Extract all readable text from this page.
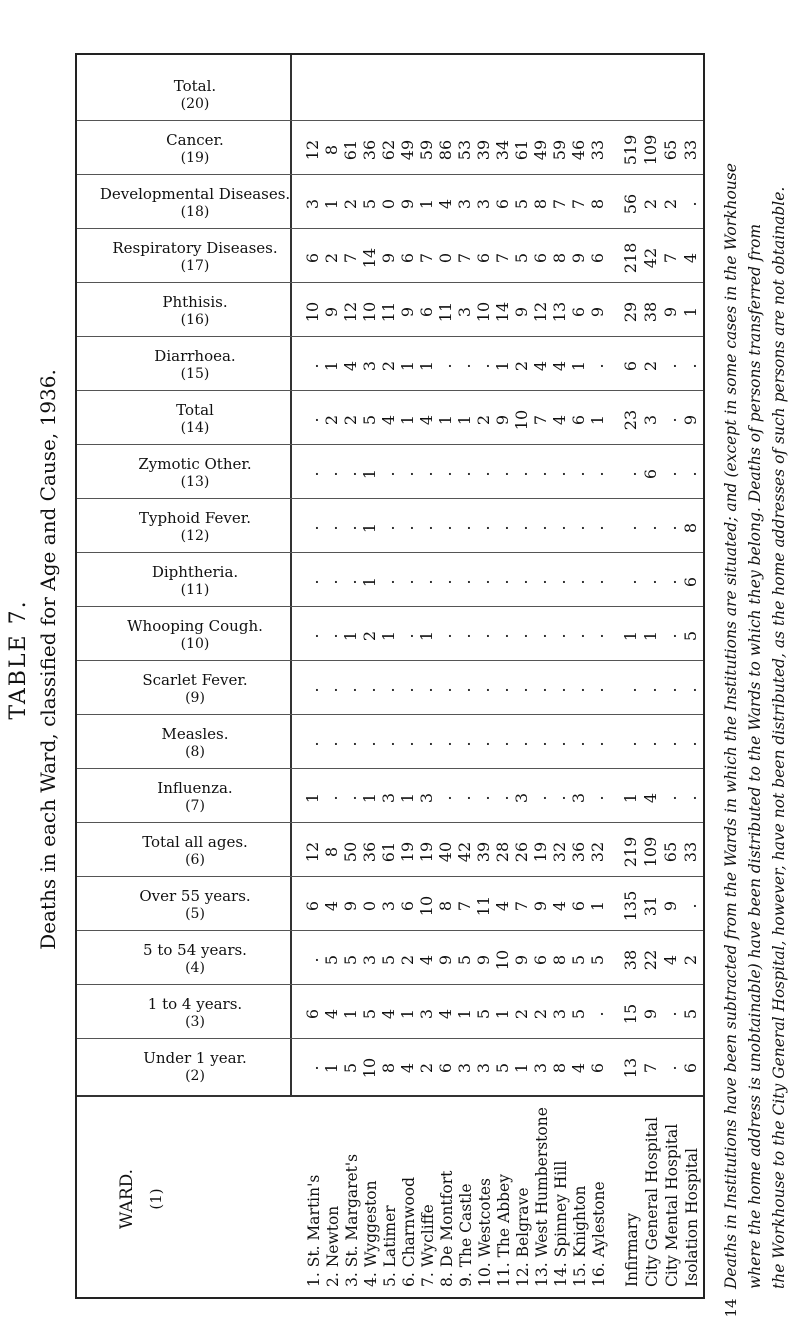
TABLE 7. Deaths in each Ward, classified for Age and Cause, 1936.
WARD. (1)
Under 1 year.
(2)
1 to 4 years.
(3)
5 to 54 years.
(4)
Over 55 years.
(5)
Total all ages.
(6)
Influenza.
(7)
Measles.
(8)
Scarlet Fever.
(9)
Whooping Cough.
(10)
Diphtheria.
(11)
Typhoid Fever.
(12)
Zymotic Other.
(13)
Total
(14)
Diarrhoea.
(15)
Phthisis.
(16)
Respiratory Diseases.
(17)
Developmental Diseases.
(18)
Cancer.
(19)
Total.
(20)
1. St. Martin's
.
6
.
6
12
1
.
.
.
.
.
.
.
.
10
6
3
12
2. Newton
1
4
5
4
8
.
.
.
.
.
.
.
2
1
9
2
1
8
3. St. Margaret's
5
1
5
9
50
.
.
.
1
.
.
.
2
4
12
7
2
61
4. Wyggeston
10
5
3
0
36
1
.
.
2
1
1
1
5
3
10
14
5
36
5. Latimer
8
4
5
3
61
3
.
.
1
.
.
.
4
2
11
9
0
62
6. Charnwood
4
1
2
6
19
1
.
.
.
.
.
.
1
1
9
6
9
49
7. Wycliffe
2
3
4
10
19
3
.
.
1
.
.
.
4
1
6
7
1
59
8. De Montfort
6
4
9
8
40
.
.
.
.
.
.
.
1
.
11
0
4
86
9. The Castle
3
1
5
7
42
.
.
.
.
.
.
.
1
.
3
7
3
53
10. Westcotes
3
5
9
11
39
.
.
.
.
.
.
.
2
.
10
6
3
39
11. The Abbey
5
1
10
4
28
.
.
.
.
.
.
.
9
1
14
7
6
34
12. Belgrave
1
2
9
7
26
3
.
.
.
.
.
.
10
2
9
5
5
61
13. West Humberstone
3
2
6
9
19
.
.
.
.
.
.
.
7
4
12
6
8
49
14. Spinney Hill
8
3
8
4
32
.
.
.
.
.
.
.
4
4
13
8
7
59
15. Knighton
4
5
5
6
36
3
.
.
.
.
.
.
6
1
6
9
7
46
16. Aylestone
6
.
5
1
32
.
.
.
.
.
.
.
1
.
9
6
8
33
Infirmary
13
15
38
135
219
1
.
.
1
.
.
.
23
6
29
218
56
519
City General Hospital
7
9
22
31
109
4
.
.
1
.
.
6
3
2
38
42
2
109
City Mental Hospital
.
.
4
9
65
.
.
.
.
.
.
.
.
.
9
7
2
65
Isolation Hospital
6
5
2
.
33
.
.
.
5
6
8
.
9
.
1
4
.
33
14
Deaths in Institutions have been subtracted from the Wards in which the Institutions are situated; and (except in some cases in the Workhouse where the home address is unobtainable) have been distributed to the Wards to which they belong. Deaths of persons transferred from the Workhouse to the City General Hospital, however, have not been distributed, as the home addresses of such persons are not obtainable.
